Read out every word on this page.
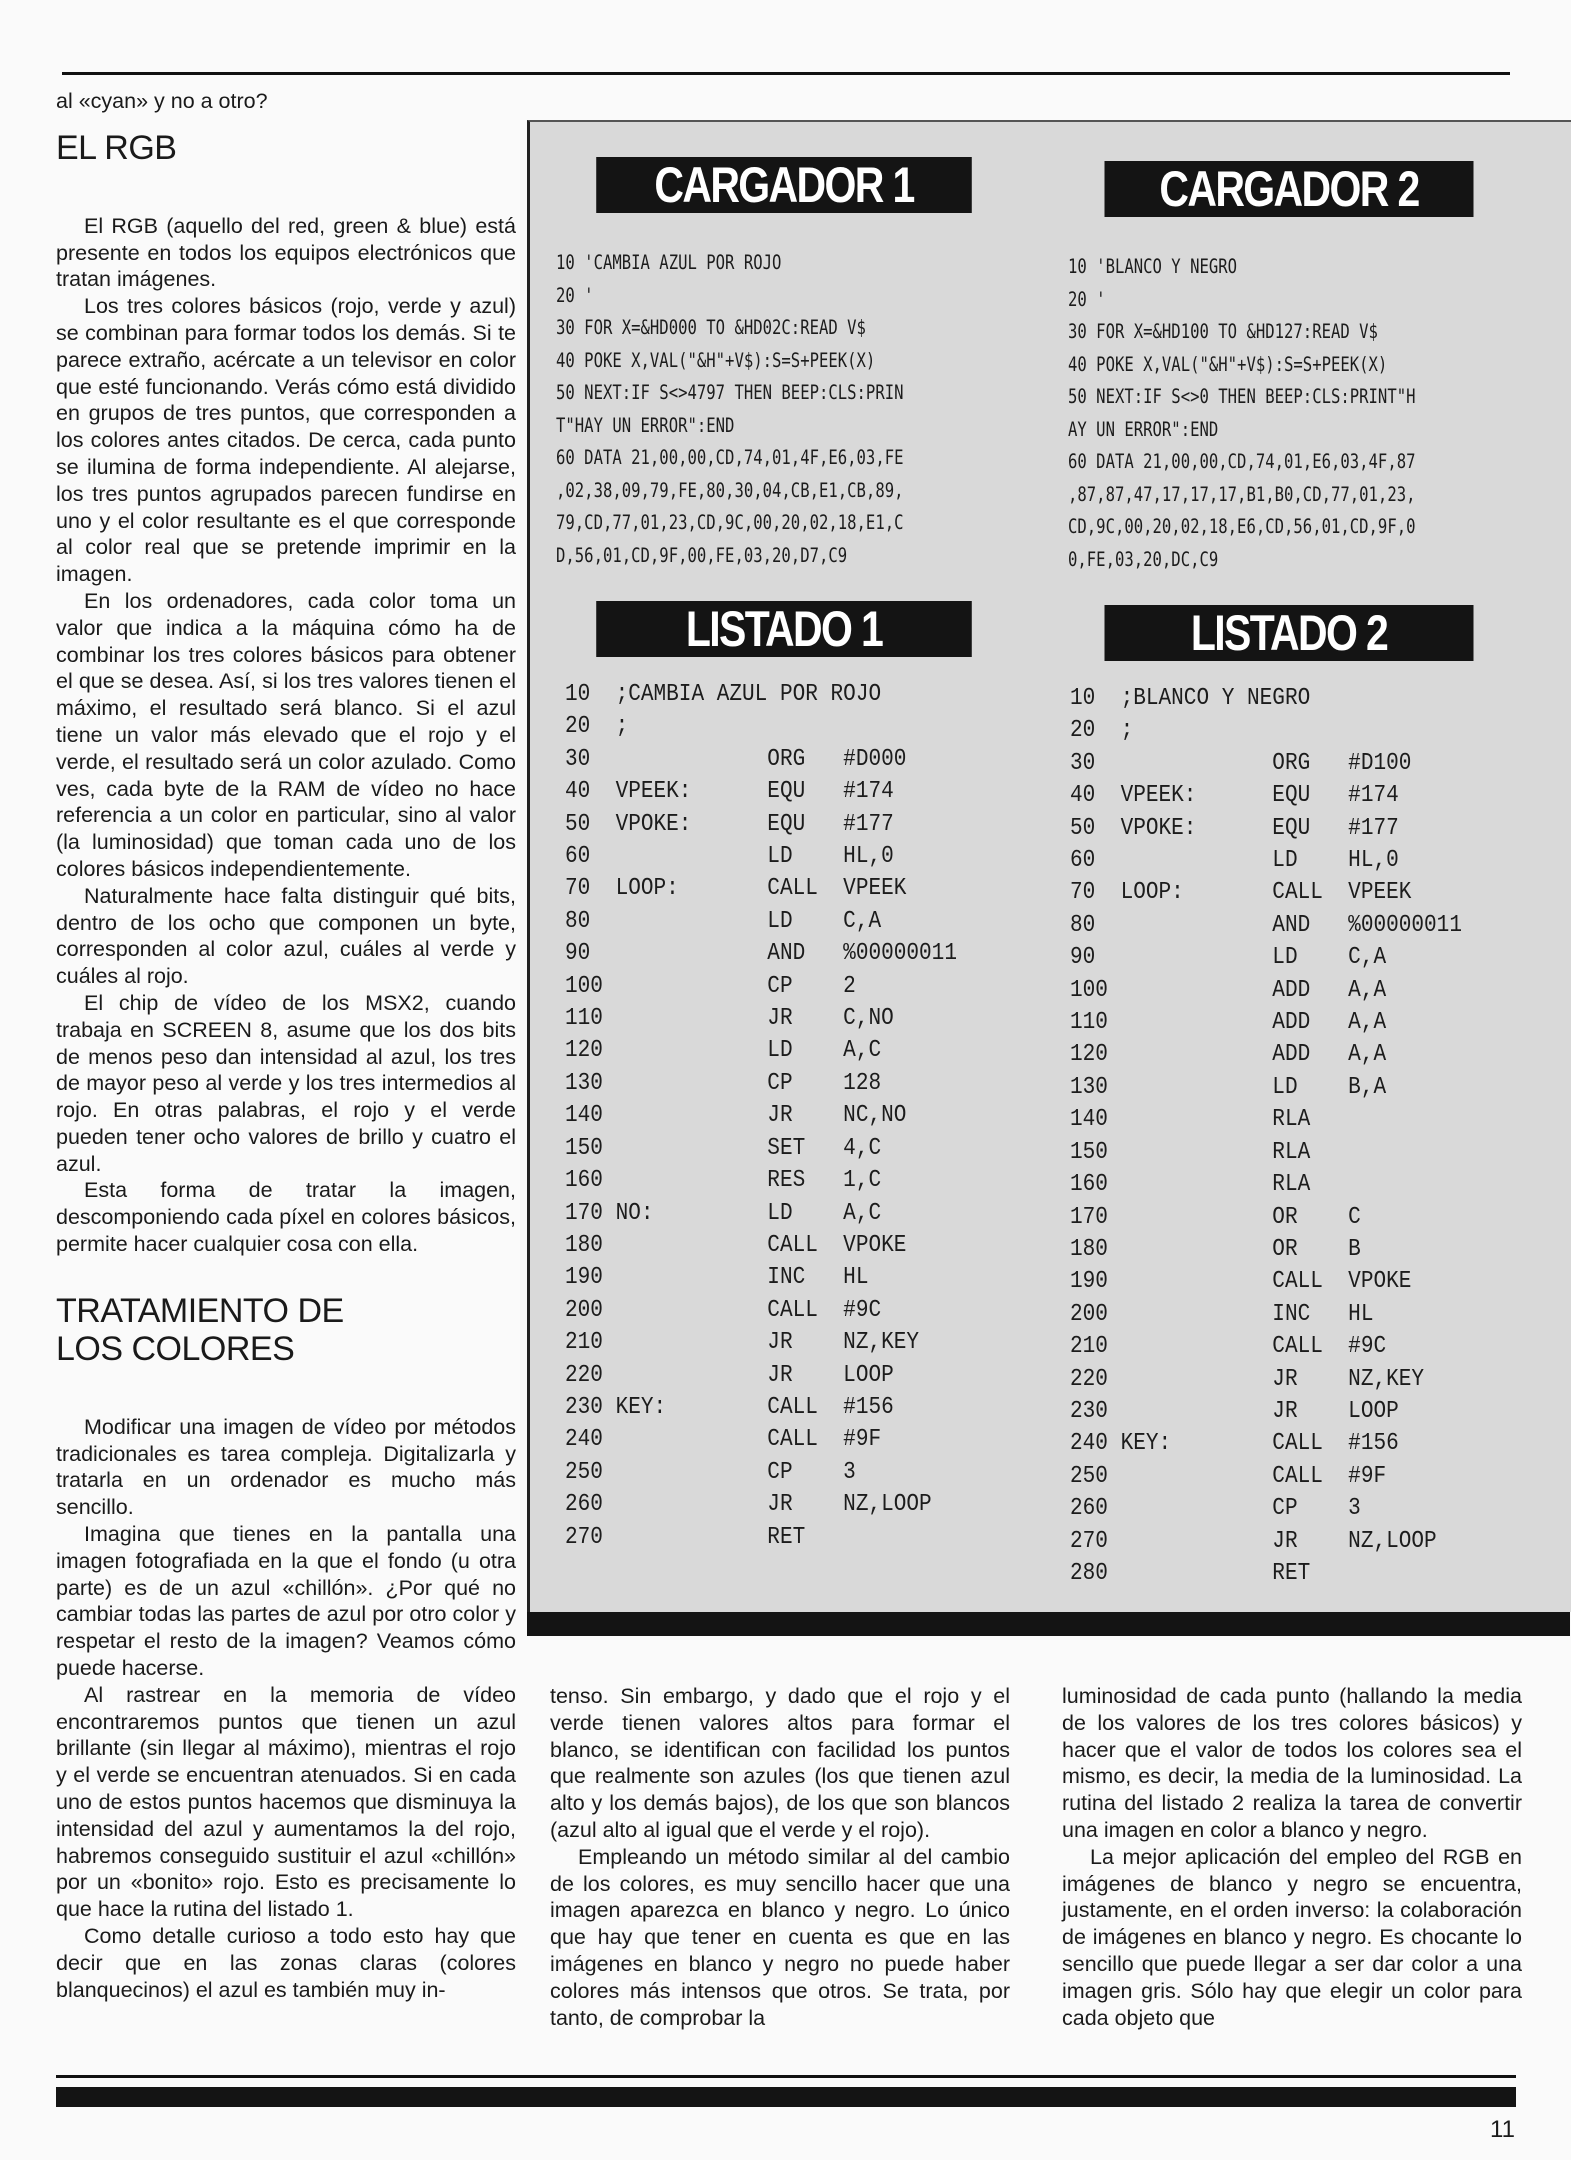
al «cyan» y no a otro?

EL RGB

El RGB (aquello del red, green & blue) está presente en todos los equipos electrónicos que tratan imágenes.

Los tres colores básicos (rojo, verde y azul) se combinan para formar todos los demás. Si te parece extraño, acércate a un televisor en color que esté funcionando. Verás cómo está dividido en grupos de tres puntos, que corresponden a los colores antes citados. De cerca, cada punto se ilumina de forma independiente. Al alejarse, los tres puntos agrupados parecen fundirse en uno y el color resultante es el que corresponde al color real que se pretende imprimir en la imagen.

En los ordenadores, cada color toma un valor que indica a la máquina cómo ha de combinar los tres colores básicos para obtener el que se desea. Así, si los tres valores tienen el máximo, el resultado será blanco. Si el azul tiene un valor más elevado que el rojo y el verde, el resultado será un color azulado. Como ves, cada byte de la RAM de vídeo no hace referencia a un color en particular, sino al valor (la luminosidad) que toman cada uno de los colores básicos independientemente.

Naturalmente hace falta distinguir qué bits, dentro de los ocho que componen un byte, corresponden al color azul, cuáles al verde y cuáles al rojo.

El chip de vídeo de los MSX2, cuando trabaja en SCREEN 8, asume que los dos bits de menos peso dan intensidad al azul, los tres de mayor peso al verde y los tres intermedios al rojo. En otras palabras, el rojo y el verde pueden tener ocho valores de brillo y cuatro el azul.

Esta forma de tratar la imagen, descomponiendo cada píxel en colores básicos, permite hacer cualquier cosa con ella.

TRATAMIENTO DE
LOS COLORES

Modificar una imagen de vídeo por métodos tradicionales es tarea compleja. Digitalizarla y tratarla en un ordenador es mucho más sencillo.

Imagina que tienes en la pantalla una imagen fotografiada en la que el fondo (u otra parte) es de un azul «chillón». ¿Por qué no cambiar todas las partes de azul por otro color y respetar el resto de la imagen? Veamos cómo puede hacerse.

Al rastrear en la memoria de vídeo encontraremos puntos que tienen un azul brillante (sin llegar al máximo), mientras el rojo y el verde se encuentran atenuados. Si en cada uno de estos puntos hacemos que disminuya la intensidad del azul y aumentamos la del rojo, habremos conseguido sustituir el azul «chillón» por un «bonito» rojo. Esto es precisamente lo que hace la rutina del listado 1.

Como detalle curioso a todo esto hay que decir que en las zonas claras (colores blanquecinos) el azul es también muy in-

CARGADOR 1	CARGADOR 2
10 'CAMBIA AZUL POR ROJO
20 '
30 FOR X=&HD000 TO &HD02C:READ V$
40 POKE X,VAL("&H"+V$):S=S+PEEK(X)
50 NEXT:IF S<>4797 THEN BEEP:CLS:PRIN
T"HAY UN ERROR":END
60 DATA 21,00,00,CD,74,01,4F,E6,03,FE
,02,38,09,79,FE,80,30,04,CB,E1,CB,89,
79,CD,77,01,23,CD,9C,00,20,02,18,E1,C
D,56,01,CD,9F,00,FE,03,20,D7,C9
10 'BLANCO Y NEGRO
20 '
30 FOR X=&HD100 TO &HD127:READ V$
40 POKE X,VAL("&H"+V$):S=S+PEEK(X)
50 NEXT:IF S<>0 THEN BEEP:CLS:PRINT"H
AY UN ERROR":END
60 DATA 21,00,00,CD,74,01,E6,03,4F,87
,87,87,47,17,17,17,B1,B0,CD,77,01,23,
CD,9C,00,20,02,18,E6,CD,56,01,CD,9F,0
0,FE,03,20,DC,C9
LISTADO 1	LISTADO 2
10  ;CAMBIA AZUL POR ROJO
20  ;
30              ORG   #D000
40  VPEEK:      EQU   #174
50  VPOKE:      EQU   #177
60              LD    HL,0
70  LOOP:       CALL  VPEEK
80              LD    C,A
90              AND   %00000011
100             CP    2
110             JR    C,NO
120             LD    A,C
130             CP    128
140             JR    NC,NO
150             SET   4,C
160             RES   1,C
170 NO:         LD    A,C
180             CALL  VPOKE
190             INC   HL
200             CALL  #9C
210             JR    NZ,KEY
220             JR    LOOP
230 KEY:        CALL  #156
240             CALL  #9F
250             CP    3
260             JR    NZ,LOOP
270             RET
10  ;BLANCO Y NEGRO
20  ;
30              ORG   #D100
40  VPEEK:      EQU   #174
50  VPOKE:      EQU   #177
60              LD    HL,0
70  LOOP:       CALL  VPEEK
80              AND   %00000011
90              LD    C,A
100             ADD   A,A
110             ADD   A,A
120             ADD   A,A
130             LD    B,A
140             RLA
150             RLA
160             RLA
170             OR    C
180             OR    B
190             CALL  VPOKE
200             INC   HL
210             CALL  #9C
220             JR    NZ,KEY
230             JR    LOOP
240 KEY:        CALL  #156
250             CALL  #9F
260             CP    3
270             JR    NZ,LOOP
280             RET

tenso. Sin embargo, y dado que el rojo y el verde tienen valores altos para formar el blanco, se identifican con facilidad los puntos que realmente son azules (los que tienen azul alto y los demás bajos), de los que son blancos (azul alto al igual que el verde y el rojo).

Empleando un método similar al del cambio de los colores, es muy sencillo hacer que una imagen aparezca en blanco y negro. Lo único que hay que tener en cuenta es que en las imágenes en blanco y negro no puede haber colores más intensos que otros. Se trata, por tanto, de comprobar la

luminosidad de cada punto (hallando la media de los valores de los tres colores básicos) y hacer que el valor de todos los colores sea el mismo, es decir, la media de la luminosidad. La rutina del listado 2 realiza la tarea de convertir una imagen en color a blanco y negro.

La mejor aplicación del empleo del RGB en imágenes de blanco y negro se encuentra, justamente, en el orden inverso: la colaboración de imágenes en blanco y negro. Es chocante lo sencillo que puede llegar a ser dar color a una imagen gris. Sólo hay que elegir un color para cada objeto que

11
